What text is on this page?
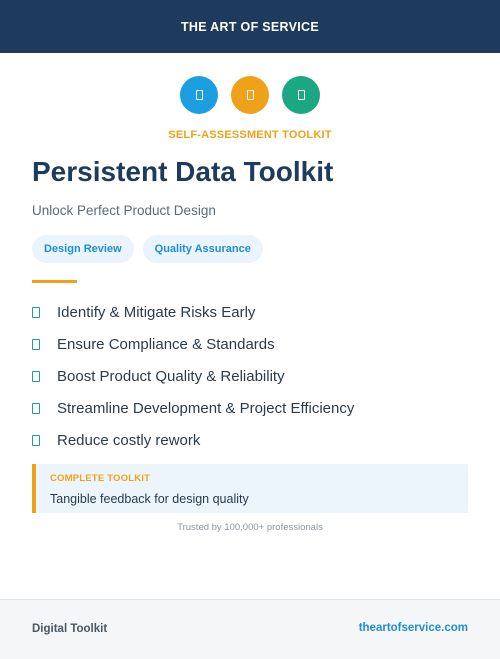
THE ART OF SERVICE
SELF-ASSESSMENT TOOLKIT
Persistent Data Toolkit
Unlock Perfect Product Design
Design Review	Quality Assurance
Identify & Mitigate Risks Early
Ensure Compliance & Standards
Boost Product Quality & Reliability
Streamline Development & Project Efficiency
Reduce costly rework
COMPLETE TOOLKIT
Tangible feedback for design quality
Trusted by 100,000+ professionals
Digital Toolkit	theartofservice.com
